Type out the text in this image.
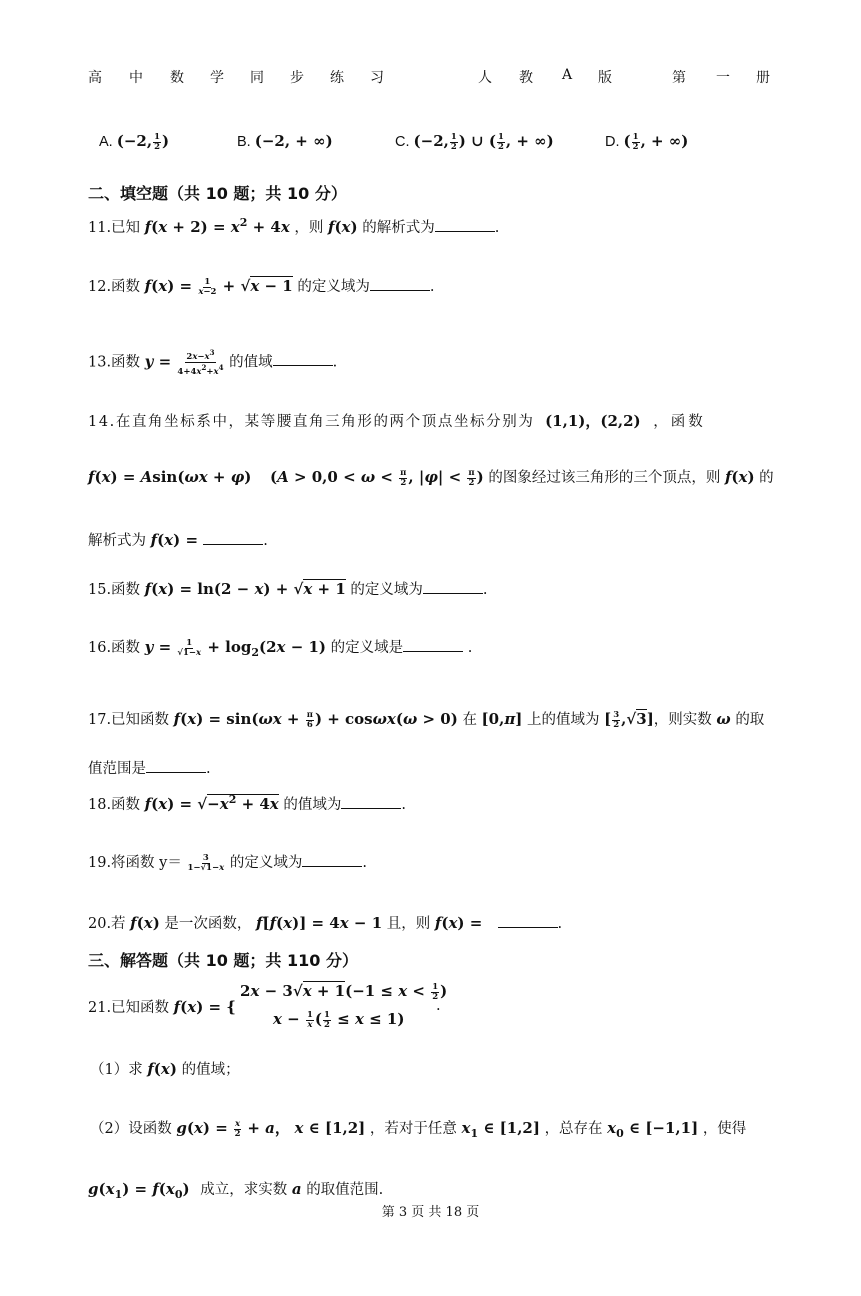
高 中 数 学 同 步 练 习	人 教 A 版	第 一 册
A. (−2, $\frac{1}{2}$ )	B. (−2, + ∞)	C. (−2, $\frac{1}{2}$ ) ∪ ( $\frac{1}{2}$ , + ∞)	D. ( $\frac{1}{2}$ , + ∞)
二、填空题（共 10 题；共 10 分）
11.已知 $f(x + 2) = x^2 + 4x$ ，则 f(x) 的解析式为	.
12.函数 $f(x) = \frac{1}{x-2} + √x - 1$ 的定义域为	.
13.函数 $y = \frac{2x-x^3}{4+4x^2+x^4}$ 的值域	.
14.在直角坐标系中，某等腰直角三角形的两个顶点坐标分别为 (1,1)，(2,2) ，函数
f(x) = Asin(ωx + φ) ($A > 0,0 < \omega < \frac{\pi}{2}$ , $|\varphi| < \frac{\pi}{2}$ ) 的图象经过该三角形的三个顶点，则 f(x) 的
解析式为 f(x) =	.
15.函数 f(x) = ln(2 − x) + √x + 1 的定义域为	.
16.函数 $y = \frac{1}{√1-x} + \log_2(2x - 1)$ 的定义域是	.
17.已知函数 $f(x) = \sin(\omega x + \frac{\pi}{6}$ ) + cosωx(ω > 0) 在 [0,π] 上的值域为 [ $\frac{3}{2} ,√3$]，则实数 ω 的取
值范围是	.
18.函数 $f(x) = √-x^2 + 4x$ 的值域为	.
19.将函数 $y= \frac{3}{1-√1-x}$ 的定义域为	.
20.若 f(x) 是一次函数， f[f(x)] = 4x − 1 且，则 f(x) =	.
三、解答题（共 10 题；共 110 分）
21.已知函数 f(x) = {
$2x - 3√x + 1(-1 \le x < \frac{1}{2}$ )
$x - \frac{1}{x}$ ( $\frac{1}{2} \le x \le 1$)
.
（1）求 f(x) 的值域；
（2）设函数 $g(x) = \frac{x}{2} + a$， x ∈ [1,2] ，若对于任意 $x_1$ ∈ [1,2] ，总存在 $x_0$ ∈ [−1,1] ，使得
$g(x_1) = f(x_0)$ 成立，求实数 a 的取值范围.
第 3 页 共 18 页
